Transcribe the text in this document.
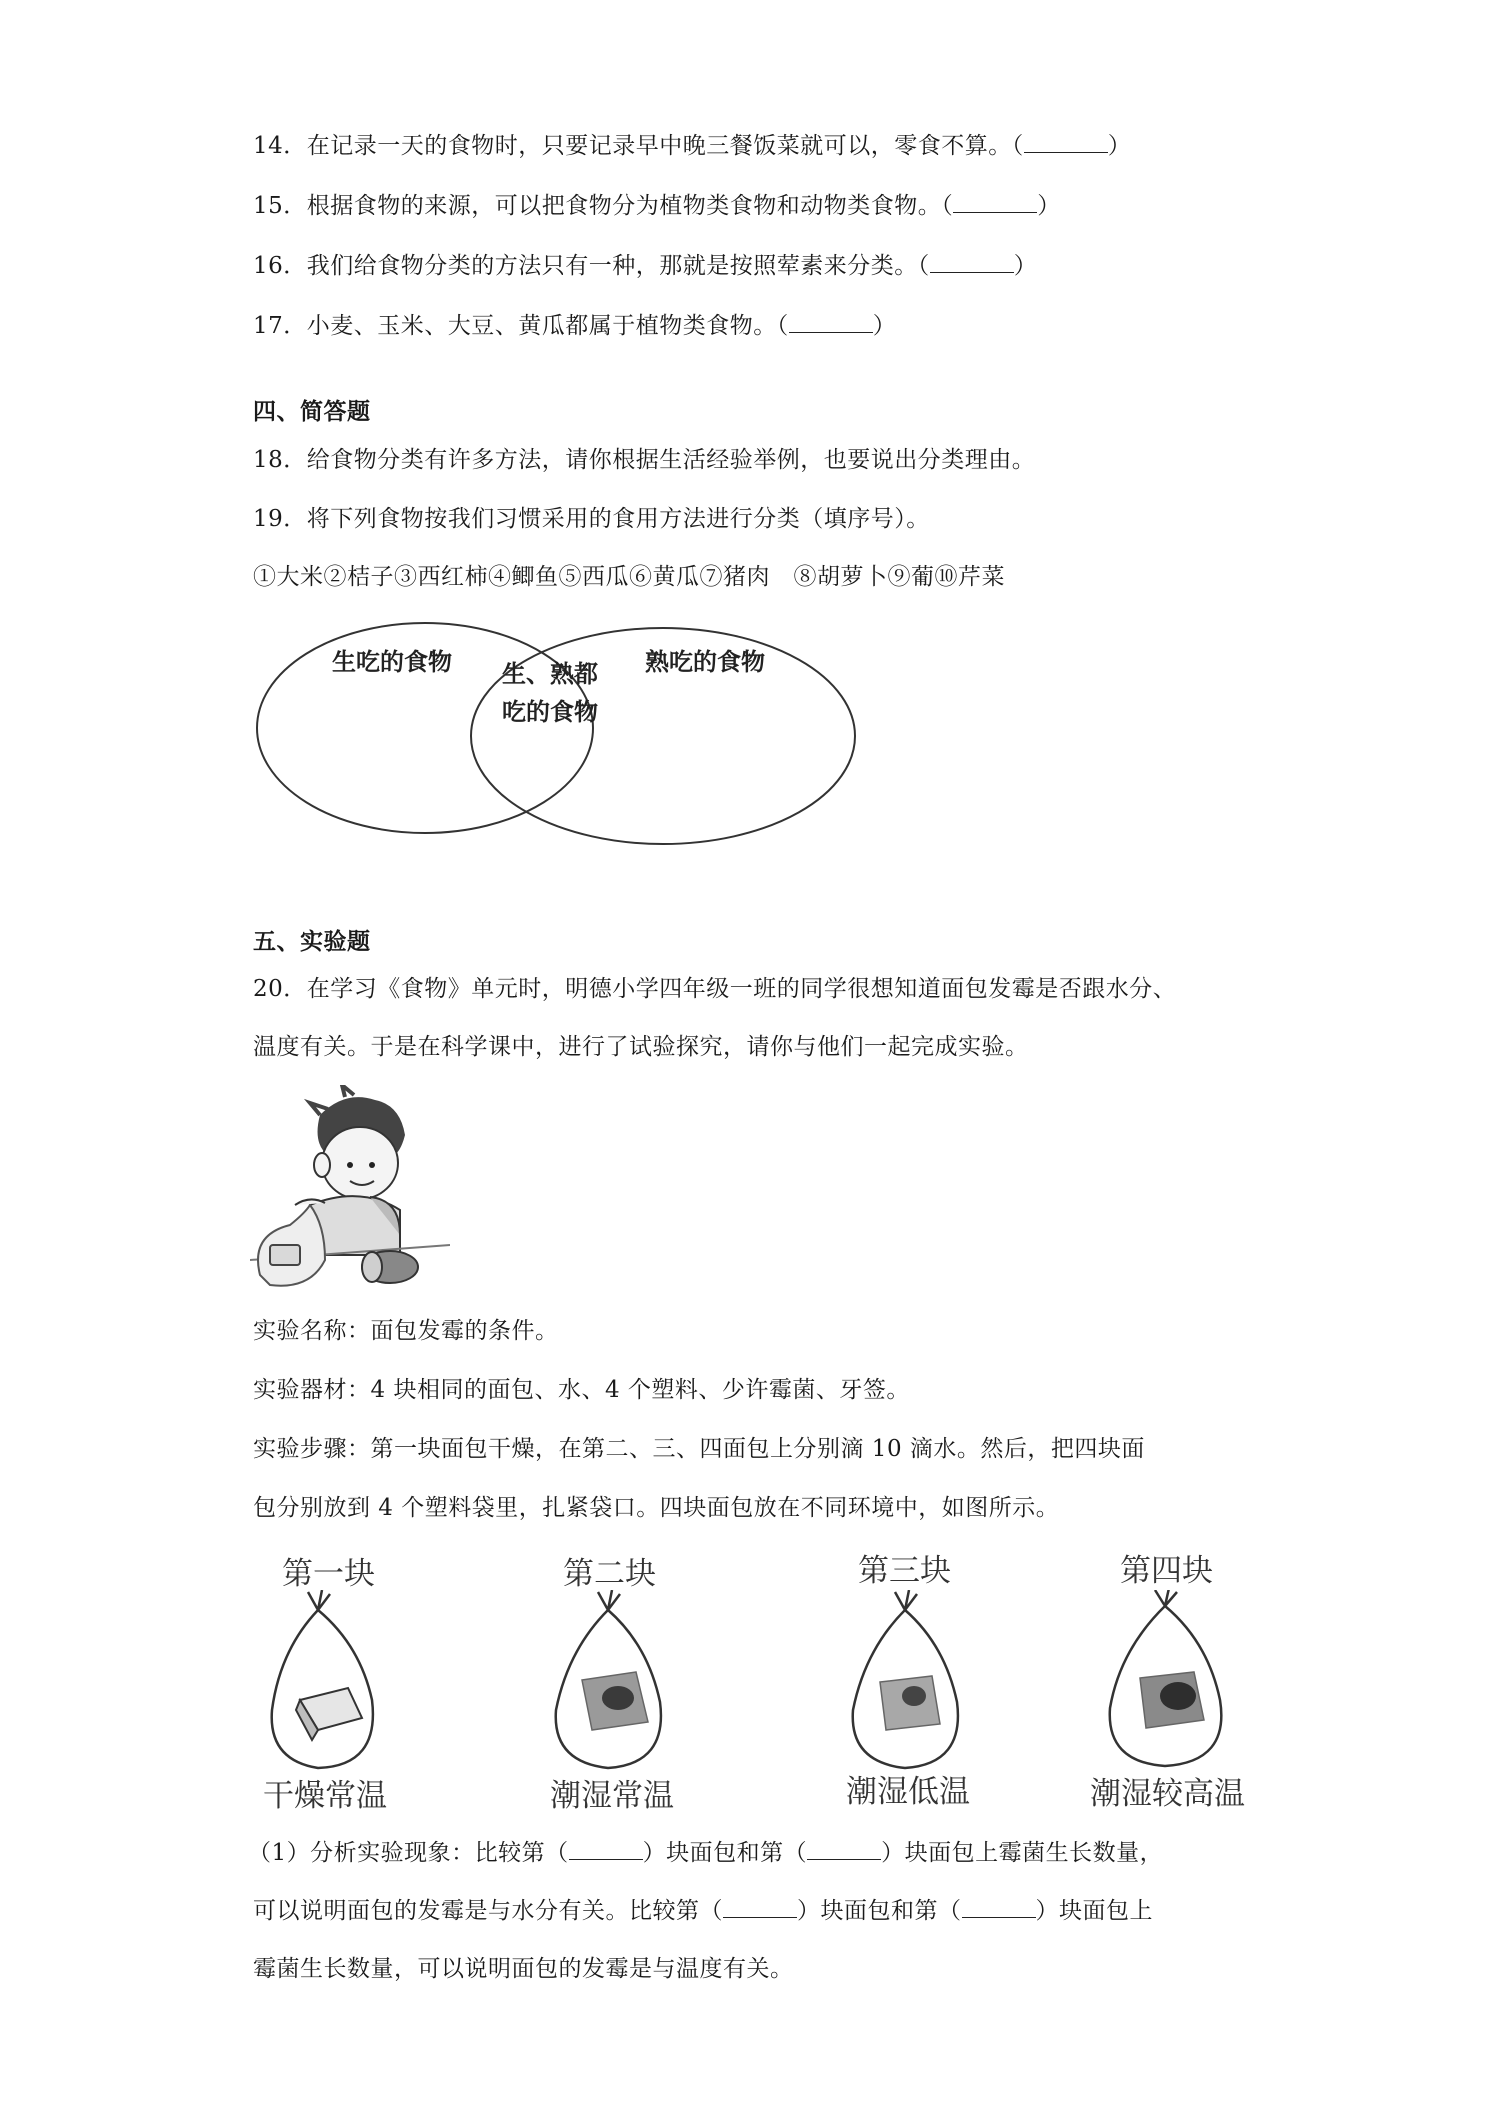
14．在记录一天的食物时，只要记录早中晚三餐饭菜就可以，零食不算。（	）
15．根据食物的来源，可以把食物分为植物类食物和动物类食物。（	）
16．我们给食物分类的方法只有一种，那就是按照荤素来分类。（	）
17．小麦、玉米、大豆、黄瓜都属于植物类食物。（	）
四、简答题
18．给食物分类有许多方法，请你根据生活经验举例，也要说出分类理由。
19．将下列食物按我们习惯采用的食用方法进行分类（填序号）。
①大米②桔子③西红柿④鲫鱼⑤西瓜⑥黄瓜⑦猪肉　⑧胡萝卜⑨葡⑩芹菜
生吃的食物 生、熟都
吃的食物
熟吃的食物
五、实验题
20．在学习《食物》单元时，明德小学四年级一班的同学很想知道面包发霉是否跟水分、
温度有关。于是在科学课中，进行了试验探究，请你与他们一起完成实验。
实验名称：面包发霉的条件。
实验器材：4 块相同的面包、水、4 个塑料、少许霉菌、牙签。
实验步骤：第一块面包干燥，在第二、三、四面包上分别滴 10 滴水。然后，把四块面
包分别放到 4 个塑料袋里，扎紧袋口。四块面包放在不同环境中，如图所示。
第一块	第二块	第三块	第四块
干燥常温	潮湿常温	潮湿低温	潮湿较高温
（1）分析实验现象：比较第（	）块面包和第（	）块面包上霉菌生长数量，
可以说明面包的发霉是与水分有关。比较第（	）块面包和第（	）块面包上
霉菌生长数量，可以说明面包的发霉是与温度有关。
